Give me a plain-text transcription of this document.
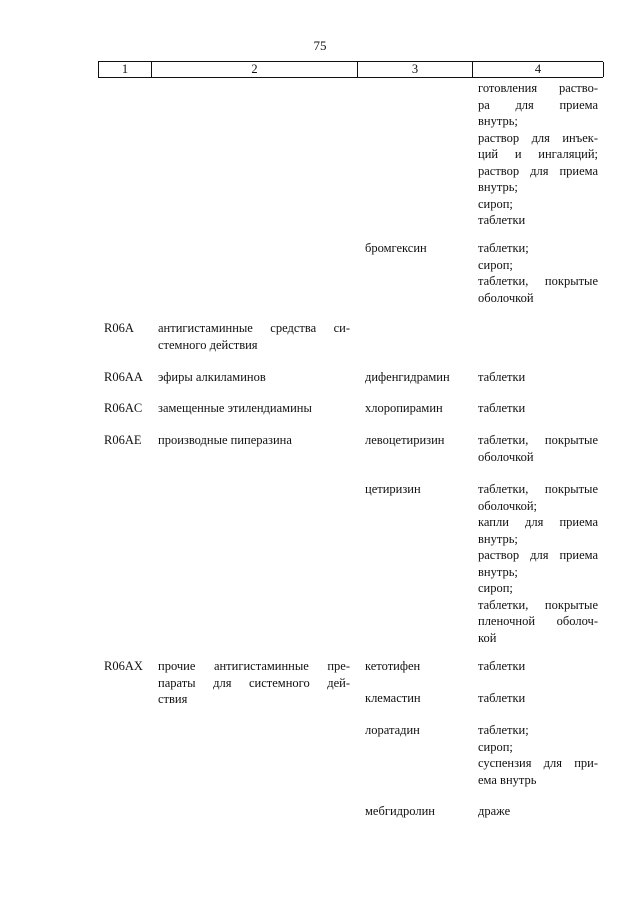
75
1	2	3	4
готовления раство-
ра для приема
внутрь;
раствор для инъек-
ций и ингаляций;
раствор для приема
внутрь;
сироп;
таблетки
бромгексин	таблетки;
сироп;
таблетки, покрытые
оболочкой
R06A антигистаминные средства си-
стемного действия
R06AA эфиры алкиламинов	дифенгидрамин таблетки
R06AC замещенные этилендиамины	хлоропирамин	таблетки
R06AE производные пиперазина	левоцетиризин	таблетки, покрытые
оболочкой
цетиризин	таблетки, покрытые
оболочкой;
капли для приема
внутрь;
раствор для приема
внутрь;
сироп;
таблетки, покрытые
пленочной оболоч-
кой
R06AX прочие антигистаминные пре-
параты для системного дей-
ствия
кетотифен	таблетки
клемастин	таблетки
лоратадин	таблетки;
сироп;
суспензия для при-
ема внутрь
мебгидролин	драже
